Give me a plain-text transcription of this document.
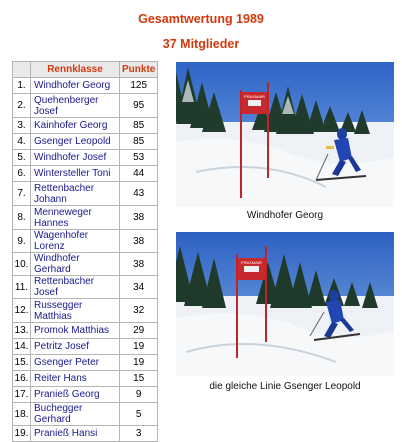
Gesamtwertung 1989
37 Mitglieder
	Rennklasse	Punkte
1.	Windhofer Georg	125
2.	Quehenberger Josef	95
3.	Kainhofer Georg	85
4.	Gsenger Leopold	85
5.	Windhofer Josef	53
6.	Wintersteller Toni	44
7.	Rettenbacher Johann	43
8.	Menneweger Hannes	38
9.	Wagenhofer Lorenz	38
10.	Windhofer Gerhard	38
11.	Rettenbacher Josef	34
12.	Russegger Matthias	32
13.	Promok Matthias	29
14.	Petritz Josef	19
15.	Gsenger Peter	19
16.	Reiter Hans	15
17.	Pranieß Georg	9
18.	Buchegger Gerhard	5
19.	Pranieß Hansi	3
PRAXMAIR
Windhofer Georg
PRAXMAIR
die gleiche Linie Gsenger Leopold
